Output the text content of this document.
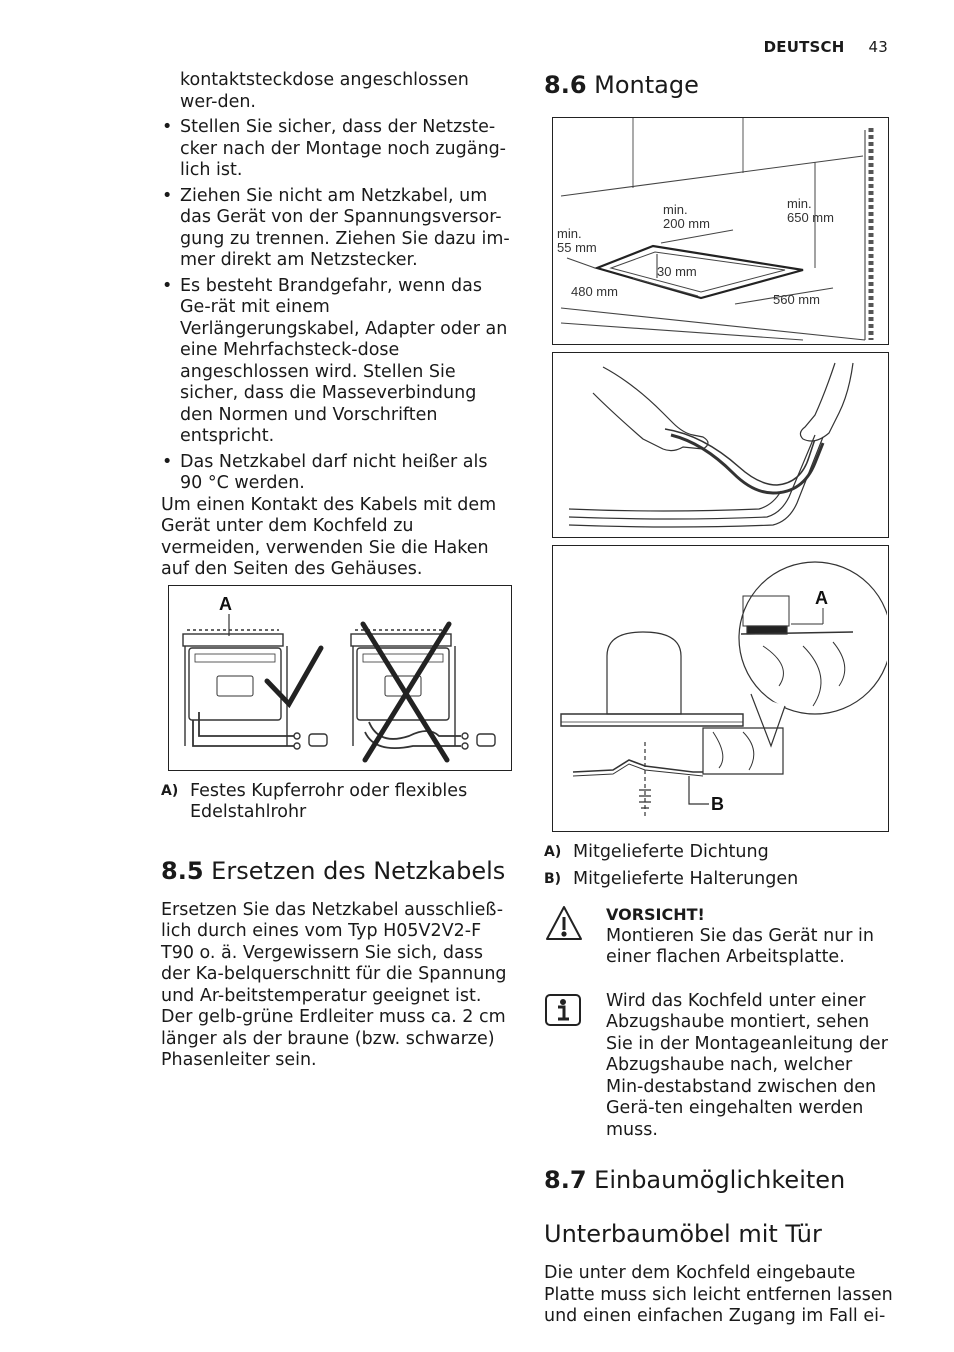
DEUTSCH 43

kontaktsteckdose angeschlossen wer-den.

• Stellen Sie sicher, dass der Netzste-cker nach der Montage noch zugäng-lich ist.
• Ziehen Sie nicht am Netzkabel, um das Gerät von der Spannungsversor-gung zu trennen. Ziehen Sie dazu im-mer direkt am Netzstecker.
• Es besteht Brandgefahr, wenn das Ge-rät mit einem Verlängerungskabel, Adapter oder an eine Mehrfachsteck-dose angeschlossen wird. Stellen Sie sicher, dass die Masseverbindung den Normen und Vorschriften entspricht.
• Das Netzkabel darf nicht heißer als 90 °C werden.

Um einen Kontakt des Kabels mit dem Gerät unter dem Kochfeld zu vermeiden, verwenden Sie die Haken auf den Seiten des Gehäuses.

A
A) Festes Kupferrohr oder flexibles Edelstahlrohr
8.5 Ersetzen des Netzkabels

Ersetzen Sie das Netzkabel ausschließ-lich durch eines vom Typ H05V2V2-F T90 o. ä. Vergewissern Sie sich, dass der Ka-belquerschnitt für die Spannung und Ar-beitstemperatur geeignet ist. Der gelb-grüne Erdleiter muss ca. 2 cm länger als der braune (bzw. schwarze) Phasenleiter sein.

8.6 Montage
min.
55 mm
min.
200 mm
min.
650 mm
30 mm
480 mm
560 mm
A
B
A) Mitgelieferte Dichtung
B) Mitgelieferte Halterungen

VORSICHT!

Montieren Sie das Gerät nur in einer flachen Arbeitsplatte.

Wird das Kochfeld unter einer Abzugshaube montiert, sehen Sie in der Montageanleitung der Abzugshaube nach, welcher Min-destabstand zwischen den Gerä-ten eingehalten werden muss.

8.7 Einbaumöglichkeiten
Unterbaumöbel mit Tür

Die unter dem Kochfeld eingebaute Platte muss sich leicht entfernen lassen und einen einfachen Zugang im Fall ei-
